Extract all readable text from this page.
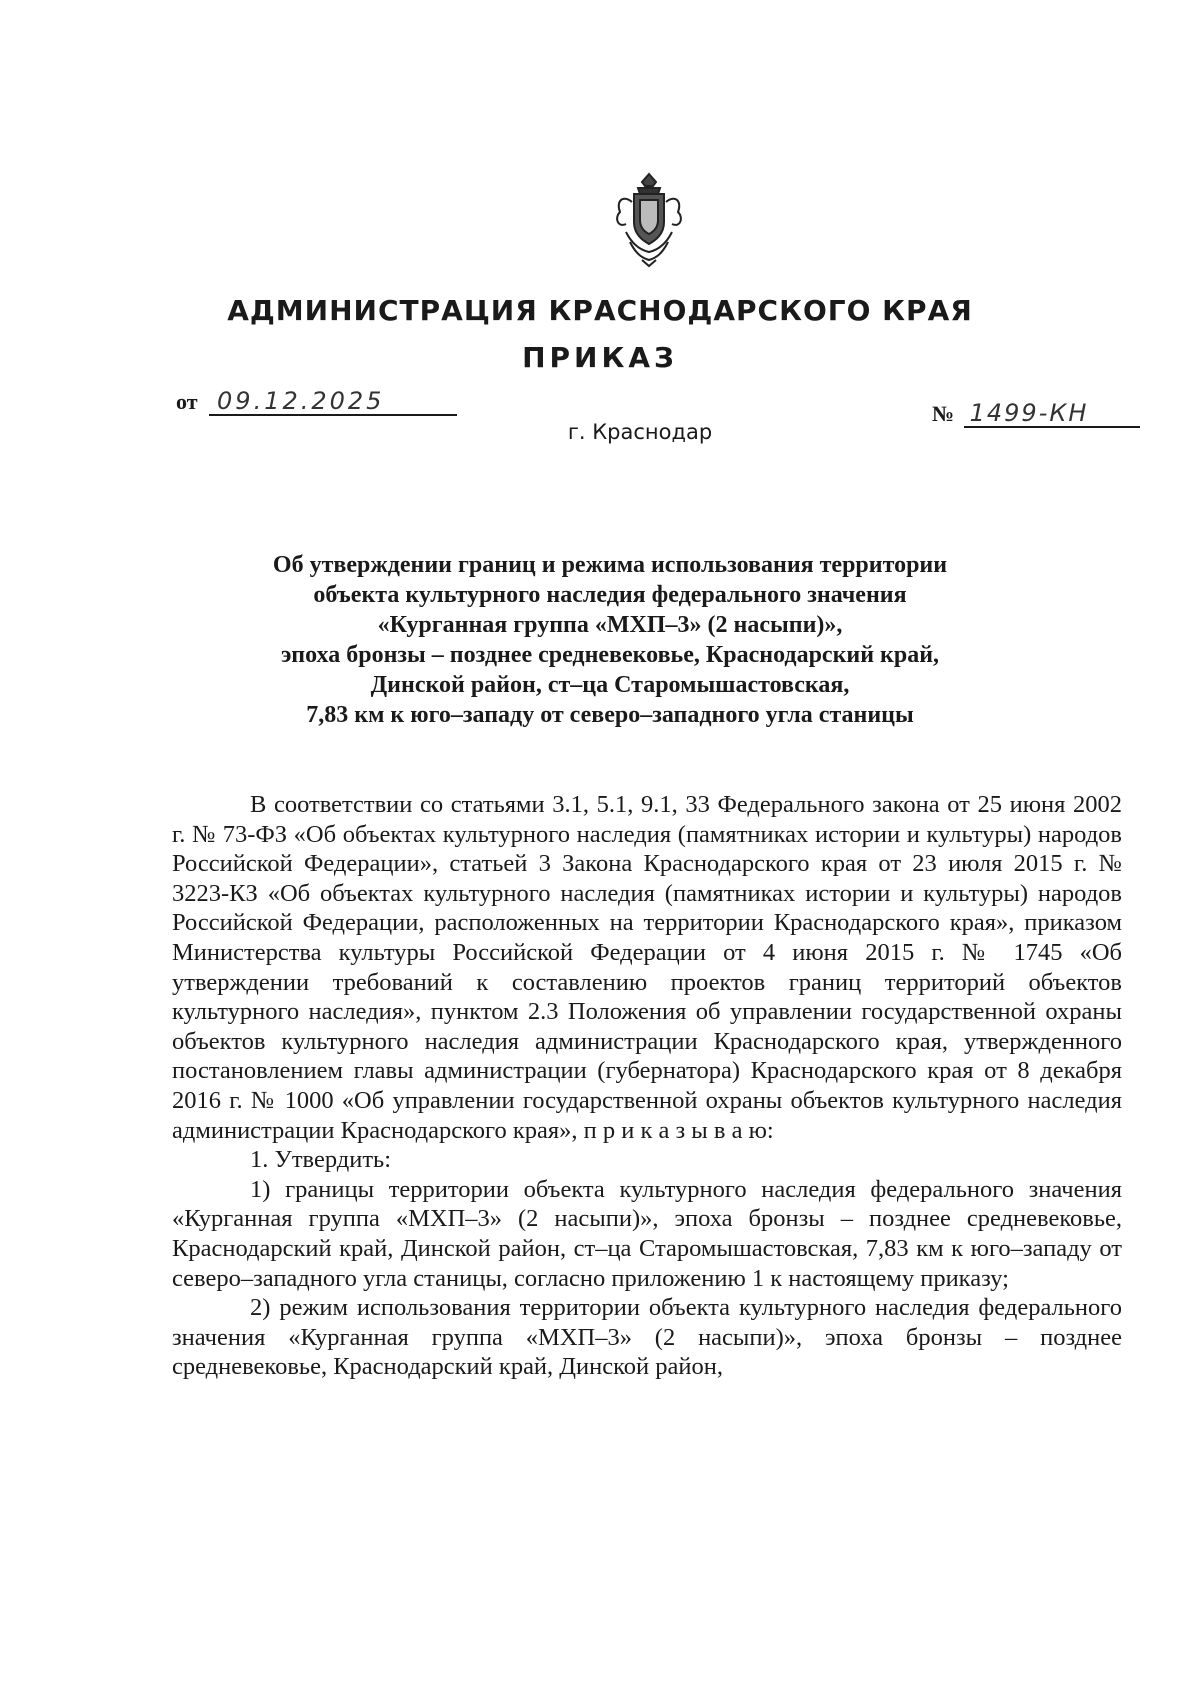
АДМИНИСТРАЦИЯ КРАСНОДАРСКОГО КРАЯ
ПРИКАЗ
от 09.12.2025
г. Краснодар
№ 1499-КН
Об утверждении границ и режима использования территории
объекта культурного наследия федерального значения
«Курганная группа «МХП–3» (2 насыпи)»,
эпоха бронзы – позднее средневековье, Краснодарский край,
Динской район, ст–ца Старомышастовская,
7,83 км к юго–западу от северо–западного угла станицы

В соответствии со статьями 3.1, 5.1, 9.1, 33 Федерального закона от 25 июня 2002 г. № 73-ФЗ «Об объектах культурного наследия (памятниках истории и культуры) народов Российской Федерации», статьей 3 Закона Краснодарского края от 23 июля 2015 г. № 3223-КЗ «Об объектах культурного наследия (памятниках истории и культуры) народов Российской Федерации, расположенных на территории Краснодарского края», приказом Министерства культуры Российской Федерации от 4 июня 2015 г. № 1745 «Об утверждении требований к составлению проектов границ территорий объектов культурного наследия», пунктом 2.3 Положения об управлении государственной охраны объектов культурного наследия администрации Краснодарского края, утвержденного постановлением главы администрации (губернатора) Краснодарского края от 8 декабря 2016 г. № 1000 «Об управлении государственной охраны объектов культурного наследия администрации Краснодарского края», п р и к а з ы в а ю:

1. Утвердить:

1) границы территории объекта культурного наследия федерального значения «Курганная группа «МХП–3» (2 насыпи)», эпоха бронзы – позднее средневековье, Краснодарский край, Динской район, ст–ца Старомышастовская, 7,83 км к юго–западу от северо–западного угла станицы, согласно приложению 1 к настоящему приказу;

2) режим использования территории объекта культурного наследия федерального значения «Курганная группа «МХП–3» (2 насыпи)», эпоха бронзы – позднее средневековье, Краснодарский край, Динской район,
